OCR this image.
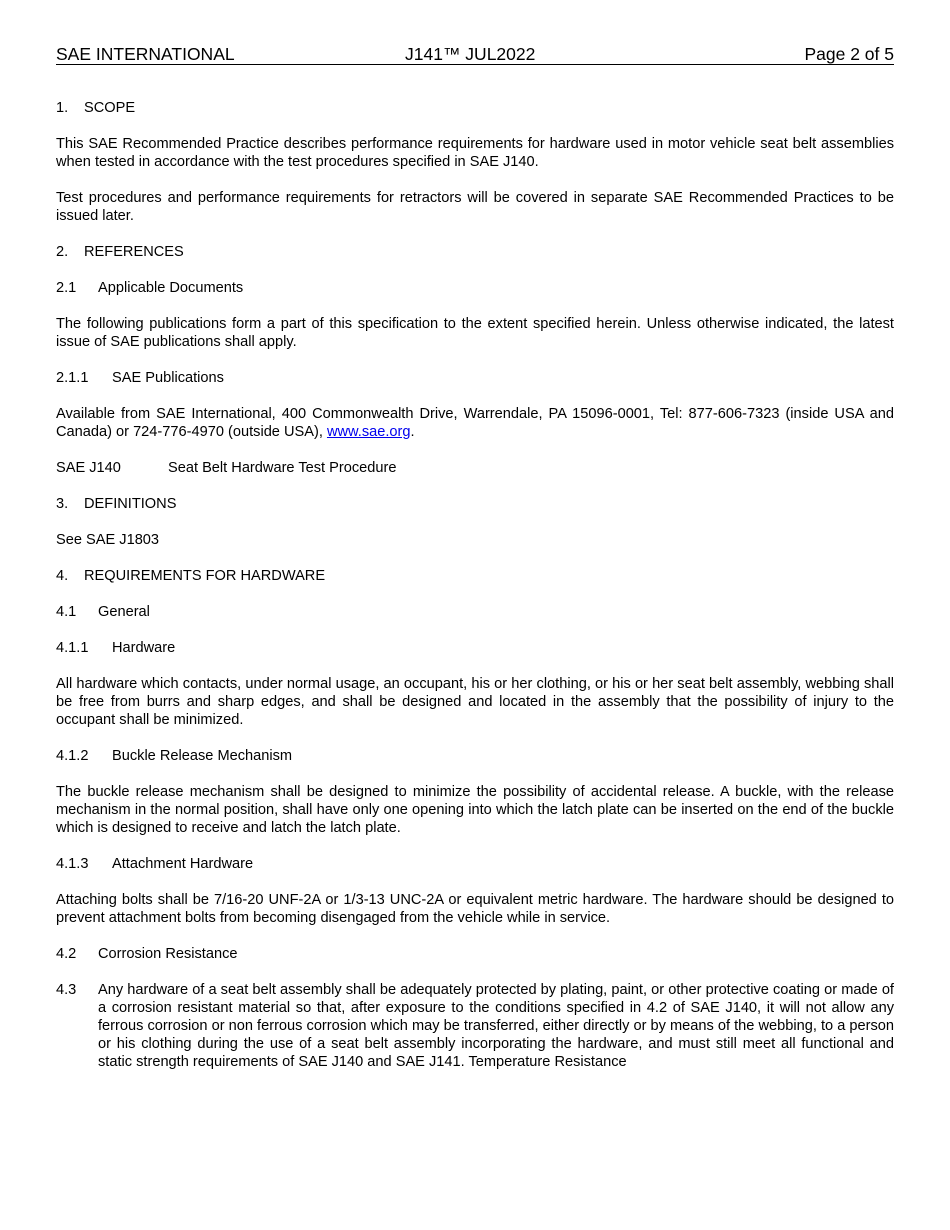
SAE INTERNATIONAL	J141™ JUL2022	Page 2 of 5
1. SCOPE

This SAE Recommended Practice describes performance requirements for hardware used in motor vehicle seat belt assemblies when tested in accordance with the test procedures specified in SAE J140.

Test procedures and performance requirements for retractors will be covered in separate SAE Recommended Practices to be issued later.

2. REFERENCES
2.1 Applicable Documents

The following publications form a part of this specification to the extent specified herein. Unless otherwise indicated, the latest issue of SAE publications shall apply.

2.1.1 SAE Publications

Available from SAE International, 400 Commonwealth Drive, Warrendale, PA 15096-0001, Tel: 877-606-7323 (inside USA and Canada) or 724-776-4970 (outside USA), www.sae.org.

SAE J140	Seat Belt Hardware Test Procedure
3. DEFINITIONS

See SAE J1803

4. REQUIREMENTS FOR HARDWARE
4.1 General
4.1.1 Hardware

All hardware which contacts, under normal usage, an occupant, his or her clothing, or his or her seat belt assembly, webbing shall be free from burrs and sharp edges, and shall be designed and located in the assembly that the possibility of injury to the occupant shall be minimized.

4.1.2 Buckle Release Mechanism

The buckle release mechanism shall be designed to minimize the possibility of accidental release. A buckle, with the release mechanism in the normal position, shall have only one opening into which the latch plate can be inserted on the end of the buckle which is designed to receive and latch the latch plate.

4.1.3 Attachment Hardware

Attaching bolts shall be 7/16-20 UNF-2A or 1/3-13 UNC-2A or equivalent metric hardware. The hardware should be designed to prevent attachment bolts from becoming disengaged from the vehicle while in service.

4.2 Corrosion Resistance
4.3 Any hardware of a seat belt assembly shall be adequately protected by plating, paint, or other protective coating or made of a corrosion resistant material so that, after exposure to the conditions specified in 4.2 of SAE J140, it will not allow any ferrous corrosion or non ferrous corrosion which may be transferred, either directly or by means of the webbing, to a person or his clothing during the use of a seat belt assembly incorporating the hardware, and must still meet all functional and static strength requirements of SAE J140 and SAE J141. Temperature Resistance
